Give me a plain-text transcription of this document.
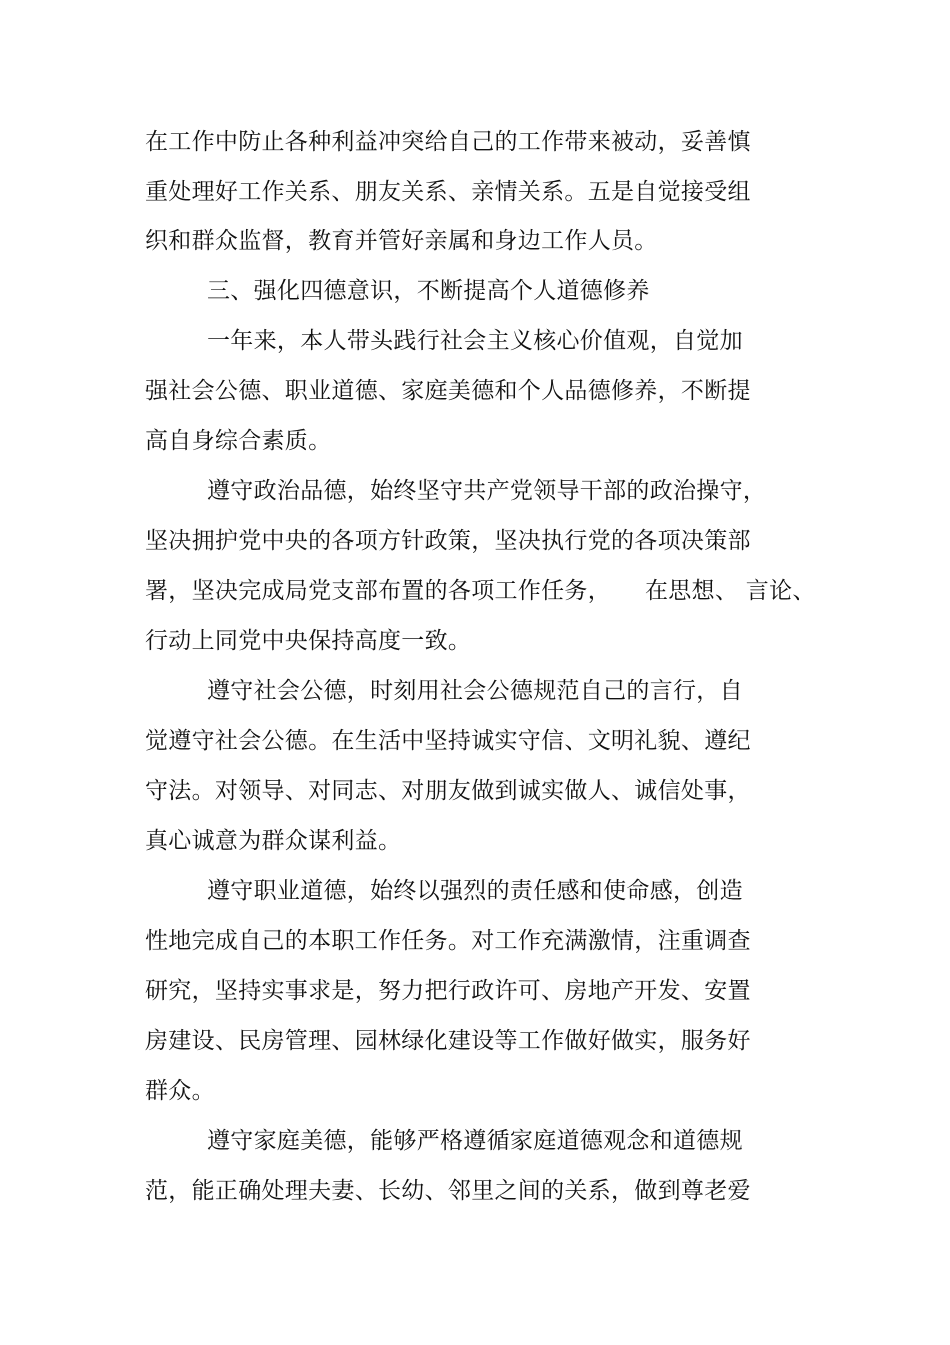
在工作中防止各种利益冲突给自己的工作带来被动，妥善慎
重处理好工作关系、朋友关系、亲情关系。五是自觉接受组
织和群众监督，教育并管好亲属和身边工作人员。
三、强化四德意识，不断提高个人道德修养
一年来，本人带头践行社会主义核心价值观，自觉加
强社会公德、职业道德、家庭美德和个人品德修养，不断提
高自身综合素质。
遵守政治品德，始终坚守共产党领导干部的政治操守，
坚决拥护党中央的各项方针政策，坚决执行党的各项决策部
署，坚决完成局党支部布置的各项工作任务， 在思想、 言论、
行动上同党中央保持高度一致。
遵守社会公德，时刻用社会公德规范自己的言行，自
觉遵守社会公德。在生活中坚持诚实守信、文明礼貌、遵纪
守法。对领导、对同志、对朋友做到诚实做人、诚信处事，
真心诚意为群众谋利益。
遵守职业道德，始终以强烈的责任感和使命感，创造
性地完成自己的本职工作任务。对工作充满激情，注重调查
研究，坚持实事求是，努力把行政许可、房地产开发、安置
房建设、民房管理、园林绿化建设等工作做好做实，服务好
群众。
遵守家庭美德，能够严格遵循家庭道德观念和道德规
范，能正确处理夫妻、长幼、邻里之间的关系，做到尊老爱
